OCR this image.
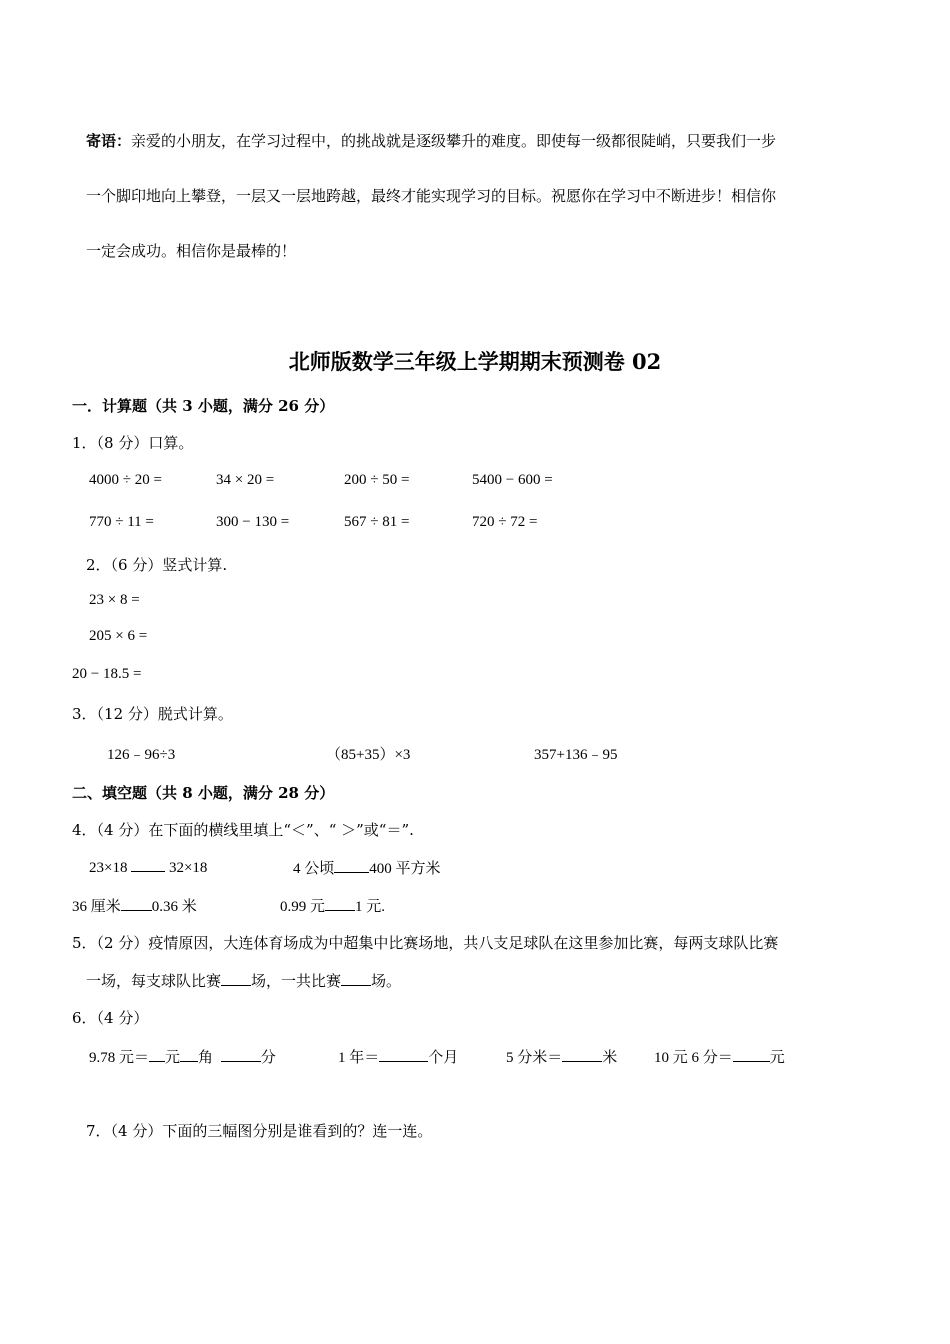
寄语：亲爱的小朋友，在学习过程中，的挑战就是逐级攀升的难度。即使每一级都很陡峭，只要我们一步
一个脚印地向上攀登，一层又一层地跨越，最终才能实现学习的目标。祝愿你在学习中不断进步！相信你
一定会成功。相信你是最棒的！
北师版数学三年级上学期期末预测卷 02
一．计算题（共 3 小题，满分 26 分）
1．（8 分）口算。
4000 ÷ 20 =	34 × 20 =	200 ÷ 50 =	5400 − 600 =
770 ÷ 11 =	300 − 130 =	567 ÷ 81 =	720 ÷ 72 =
2．（6 分）竖式计算.
23 × 8 =
205 × 6 =
20 − 18.5 =
3．（12 分）脱式计算。
126﹣96÷3	（85+35）×3	357+136﹣95
二、填空题（共 8 小题，满分 28 分）
4．（4 分）在下面的横线里填上“＜”、“ ＞”或“＝”.
23×18	32×18	4 公顷 400 平方米
36 厘米 0.36 米	0.99 元 1 元.
5．（2 分）疫情原因，大连体育场成为中超集中比赛场地，共八支足球队在这里参加比赛，每两支球队比赛
一场，每支球队比赛 场，一共比赛 场。
6．（4 分）
9.78 元＝ 元 角	分	1 年＝	个月	5 分米＝	米 10 元 6 分＝ 元
7．（4 分）下面的三幅图分别是谁看到的？连一连。
